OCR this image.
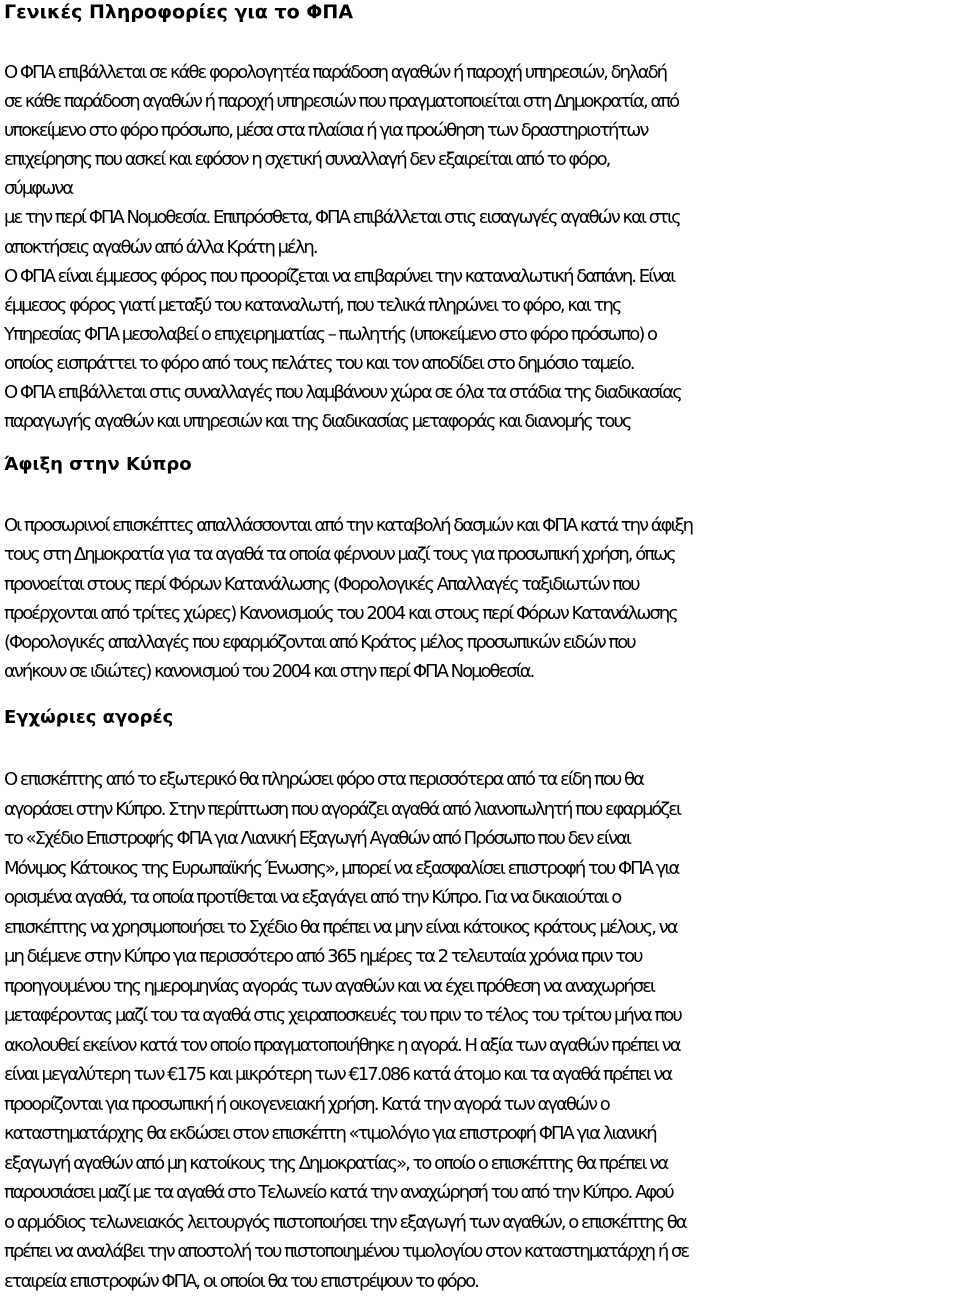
Γενικές Πληροφορίες για το ΦΠΑ
Ο ΦΠΑ επιβάλλεται σε κάθε φορολογητέα παράδοση αγαθών ή παροχή υπηρεσιών, δηλαδή
σε κάθε παράδοση αγαθών ή παροχή υπηρεσιών που πραγματοποιείται στη Δημοκρατία, από
υποκείμενο στο φόρο πρόσωπο, μέσα στα πλαίσια ή για προώθηση των δραστηριοτήτων
επιχείρησης που ασκεί και εφόσον η σχετική συναλλαγή δεν εξαιρείται από το φόρο,
σύμφωνα
με την περί ΦΠΑ Νομοθεσία. Επιπρόσθετα, ΦΠΑ επιβάλλεται στις εισαγωγές αγαθών και στις
αποκτήσεις αγαθών από άλλα Κράτη μέλη.
Ο ΦΠΑ είναι έμμεσος φόρος που προορίζεται να επιβαρύνει την καταναλωτική δαπάνη. Είναι
έμμεσος φόρος γιατί μεταξύ του καταναλωτή, που τελικά πληρώνει το φόρο, και της
Υπηρεσίας ΦΠΑ μεσολαβεί ο επιχειρηματίας – πωλητής (υποκείμενο στο φόρο πρόσωπο) ο
οποίος εισπράττει το φόρο από τους πελάτες του και τον αποδίδει στο δημόσιο ταμείο.
Ο ΦΠΑ επιβάλλεται στις συναλλαγές που λαμβάνουν χώρα σε όλα τα στάδια της διαδικασίας
παραγωγής αγαθών και υπηρεσιών και της διαδικασίας μεταφοράς και διανομής τους
Άφιξη στην Κύπρο
Οι προσωρινοί επισκέπτες απαλλάσσονται από την καταβολή δασμών και ΦΠΑ κατά την άφιξη
τους στη Δημοκρατία για τα αγαθά τα οποία φέρνουν μαζί τους για προσωπική χρήση, όπως
προνοείται στους περί Φόρων Κατανάλωσης (Φορολογικές Απαλλαγές ταξιδιωτών που
προέρχονται από τρίτες χώρες) Κανονισμούς του 2004 και στους περί Φόρων Κατανάλωσης
(Φορολογικές απαλλαγές που εφαρμόζονται από Κράτος μέλος προσωπικών ειδών που
ανήκουν σε ιδιώτες) κανονισμού του 2004 και στην περί ΦΠΑ Νομοθεσία.
Εγχώριες αγορές
Ο επισκέπτης από το εξωτερικό θα πληρώσει φόρο στα περισσότερα από τα είδη που θα
αγοράσει στην Κύπρο. Στην περίπτωση που αγοράζει αγαθά από λιανοπωλητή που εφαρμόζει
το «Σχέδιο Επιστροφής ΦΠΑ για Λιανική Εξαγωγή Αγαθών από Πρόσωπο που δεν είναι
Μόνιμος Κάτοικος της Ευρωπαϊκής Ένωσης», μπορεί να εξασφαλίσει επιστροφή του ΦΠΑ για
ορισμένα αγαθά, τα οποία προτίθεται να εξαγάγει από την Κύπρο. Για να δικαιούται ο
επισκέπτης να χρησιμοποιήσει το Σχέδιο θα πρέπει να μην είναι κάτοικος κράτους μέλους, να
μη διέμενε στην Κύπρο για περισσότερο από 365 ημέρες τα 2 τελευταία χρόνια πριν του
προηγουμένου της ημερομηνίας αγοράς των αγαθών και να έχει πρόθεση να αναχωρήσει
μεταφέροντας μαζί του τα αγαθά στις χειραποσκευές του πριν το τέλος του τρίτου μήνα που
ακολουθεί εκείνον κατά τον οποίο πραγματοποιήθηκε η αγορά. Η αξία των αγαθών πρέπει να
είναι μεγαλύτερη των €175 και μικρότερη των €17.086 κατά άτομο και τα αγαθά πρέπει να
προορίζονται για προσωπική ή οικογενειακή χρήση. Κατά την αγορά των αγαθών ο
καταστηματάρχης θα εκδώσει στον επισκέπτη «τιμολόγιο για επιστροφή ΦΠΑ για λιανική
εξαγωγή αγαθών από μη κατοίκους της Δημοκρατίας», το οποίο ο επισκέπτης θα πρέπει να
παρουσιάσει μαζί με τα αγαθά στο Τελωνείο κατά την αναχώρησή του από την Κύπρο. Αφού
ο αρμόδιος τελωνειακός λειτουργός πιστοποιήσει την εξαγωγή των αγαθών, ο επισκέπτης θα
πρέπει να αναλάβει την αποστολή του πιστοποιημένου τιμολογίου στον καταστηματάρχη ή σε
εταιρεία επιστροφών ΦΠΑ, οι οποίοι θα του επιστρέψουν το φόρο.
